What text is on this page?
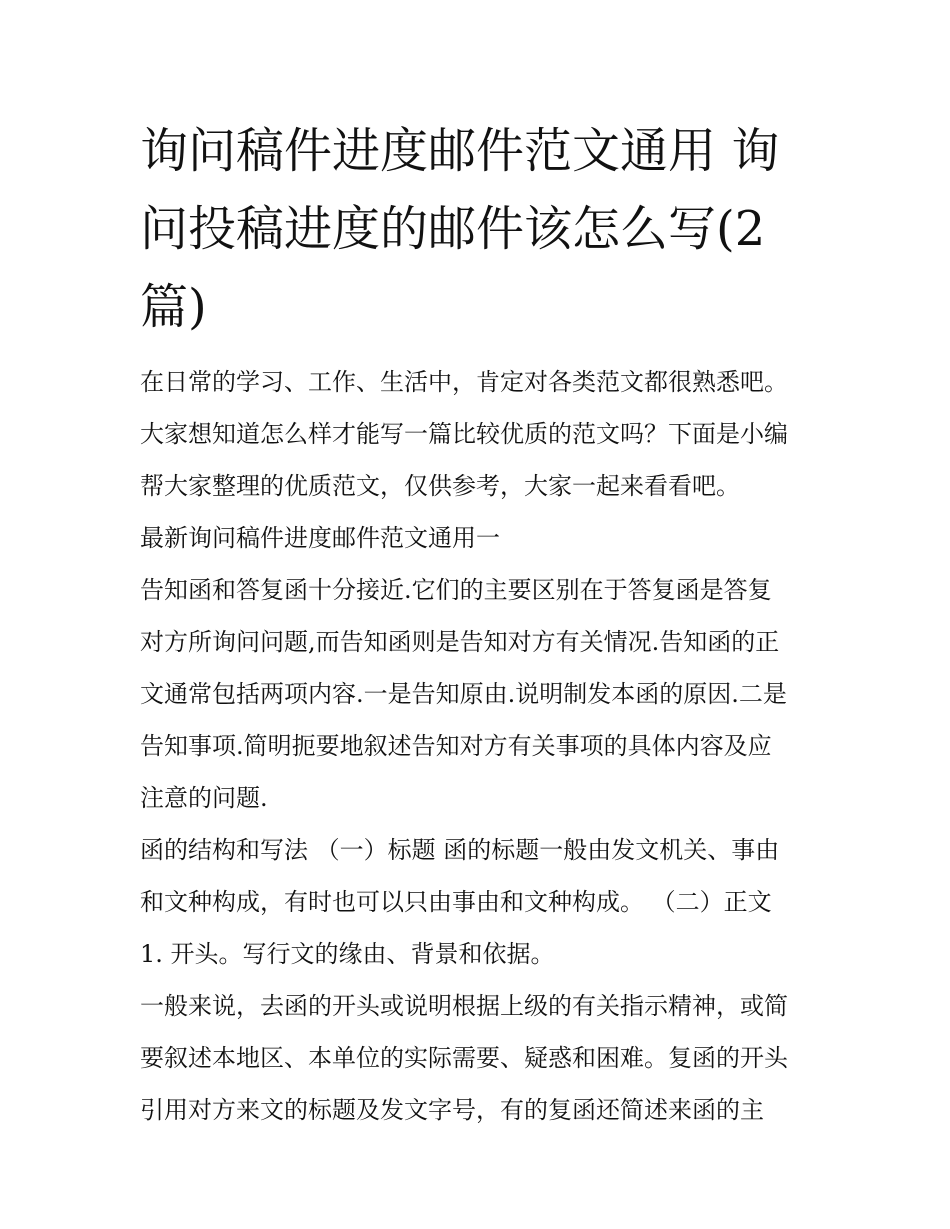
询问稿件进度邮件范文通用 询
问投稿进度的邮件该怎么写(2
篇)
在日常的学习、工作、生活中，肯定对各类范文都很熟悉吧。
大家想知道怎么样才能写一篇比较优质的范文吗？下面是小编
帮大家整理的优质范文，仅供参考，大家一起来看看吧。
最新询问稿件进度邮件范文通用一
告知函和答复函十分接近.它们的主要区别在于答复函是答复
对方所询问问题,而告知函则是告知对方有关情况.告知函的正
文通常包括两项内容.一是告知原由.说明制发本函的原因.二是
告知事项.简明扼要地叙述告知对方有关事项的具体内容及应
注意的问题.
函的结构和写法 （一）标题 函的标题一般由发文机关、事由
和文种构成，有时也可以只由事由和文种构成。 （二）正文
1. 开头。写行文的缘由、背景和依据。
一般来说，去函的开头或说明根据上级的有关指示精神，或简
要叙述本地区、本单位的实际需要、疑惑和困难。复函的开头
引用对方来文的标题及发文字号，有的复函还简述来函的主
